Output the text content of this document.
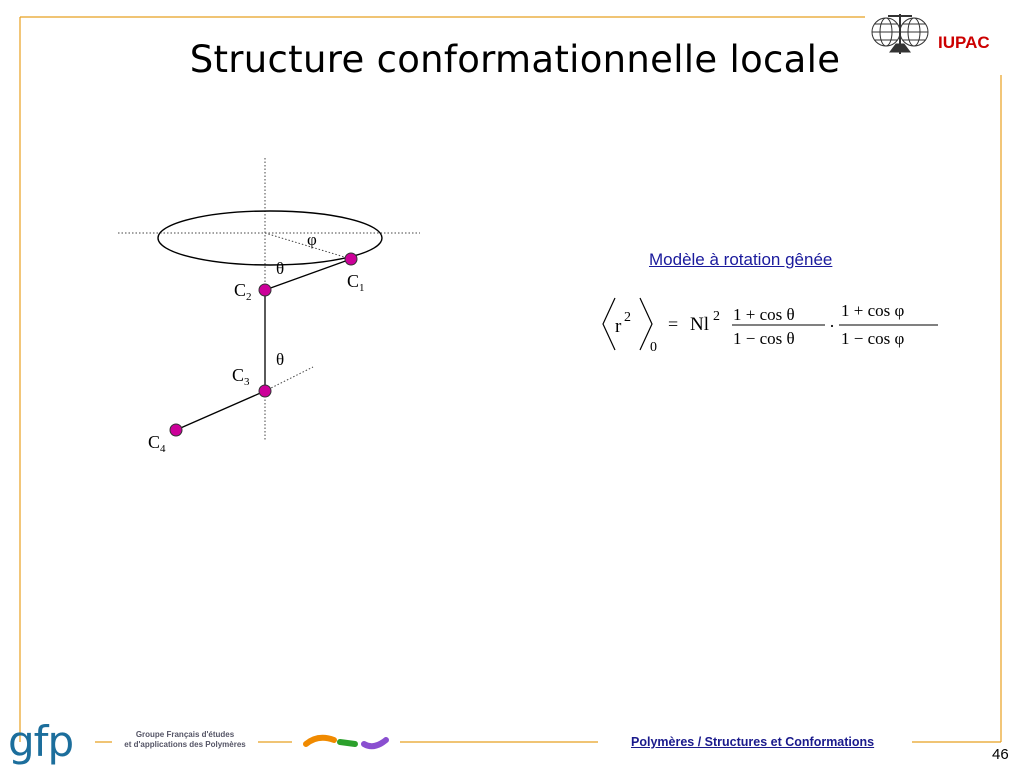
Structure conformationnelle locale	IUPAC
φ
θ
θ
$C_1$
$C_2$
$C_3$
$C_4$
Modèle à rotation gênée
r 2
0
= Nl 2 1 + cos θ
1 − cos θ
·
1 + cos φ
1 − cos φ
gfp	Groupe Français d'études
et d'applications des Polymères	Polymères / Structures et Conformations
46
